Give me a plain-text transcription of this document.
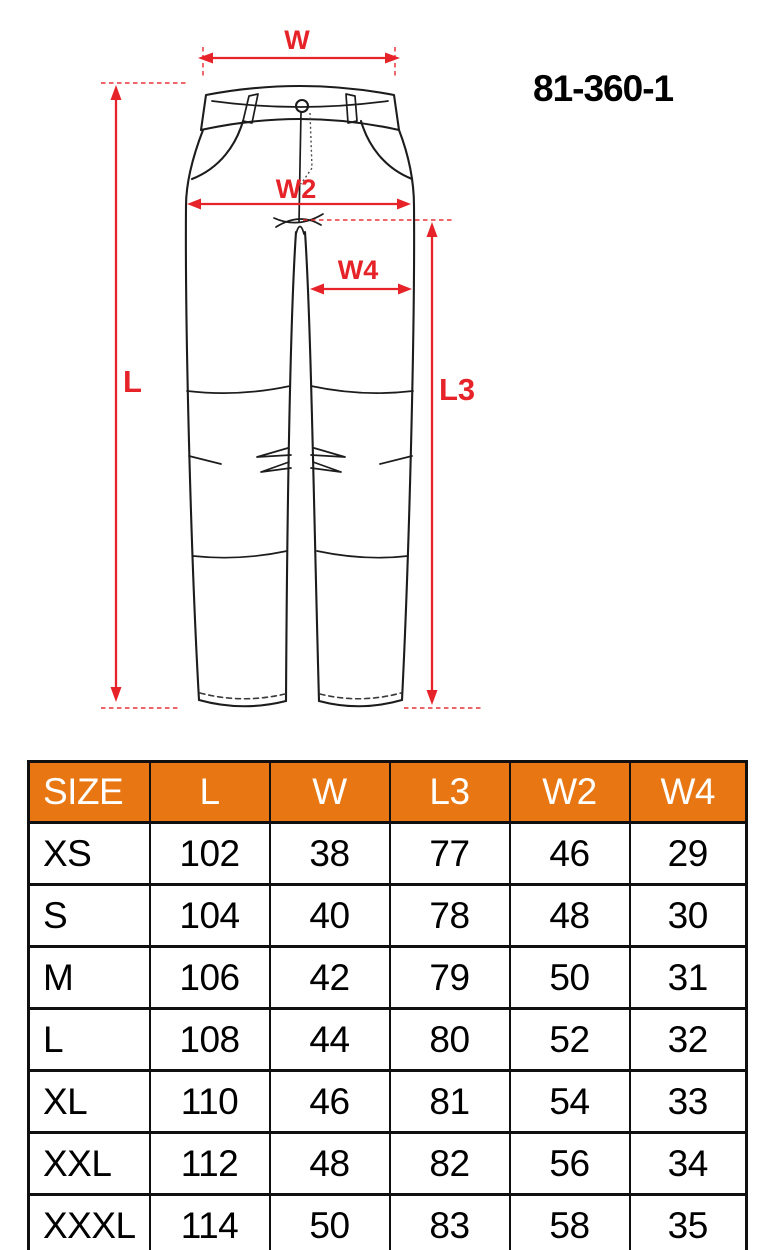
81-360-1
W
W2
W4
L	L3
SIZE	L	W	L3	W2	W4
XS	102	38	77	46	29
S	104	40	78	48	30
M	106	42	79	50	31
L	108	44	80	52	32
XL	110	46	81	54	33
XXL	112	48	82	56	34
XXXL	114	50	83	58	35
